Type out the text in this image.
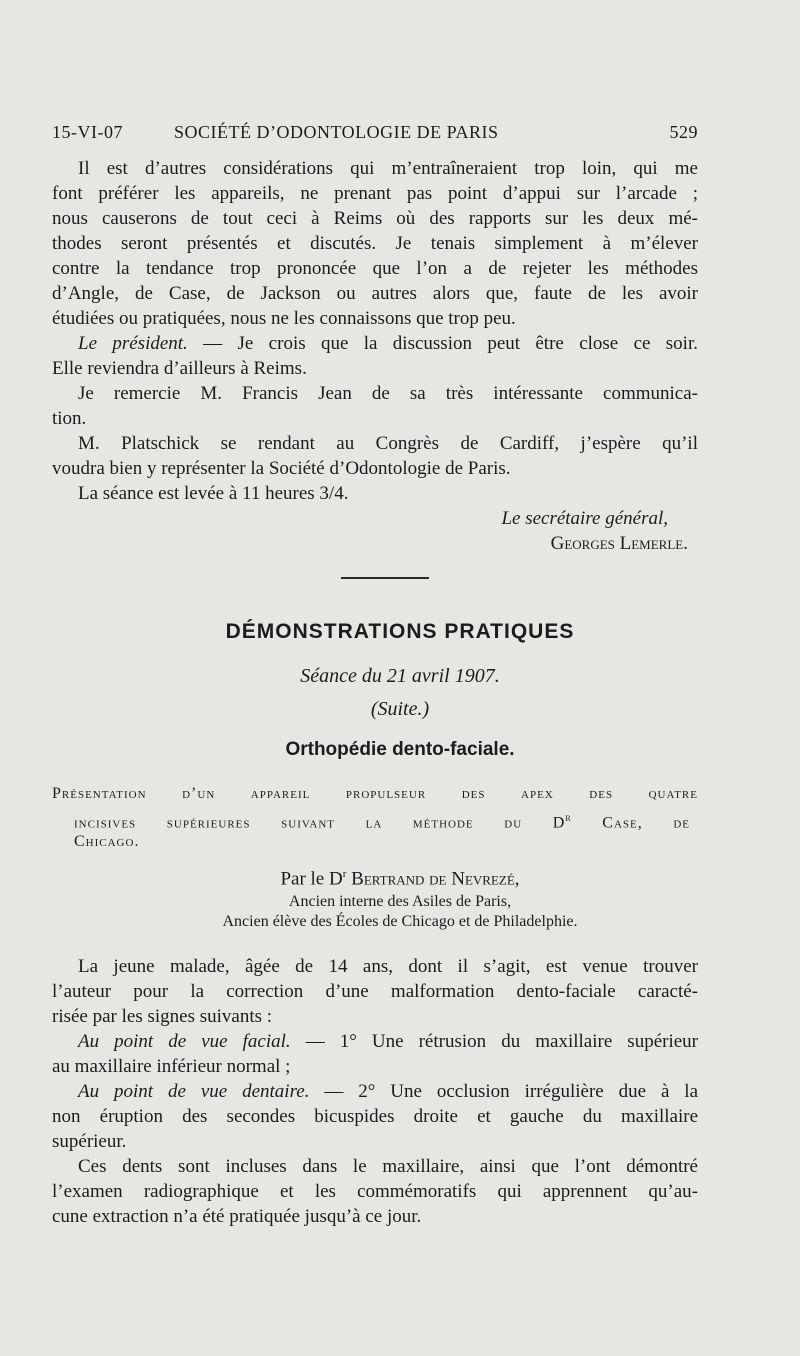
15-VI-07	SOCIÉTÉ D’ODONTOLOGIE DE PARIS	529
Il est d’autres considérations qui m’entraîneraient trop loin, qui me
font préférer les appareils, ne prenant pas point d’appui sur l’arcade ;
nous causerons de tout ceci à Reims où des rapports sur les deux mé-
thodes seront présentés et discutés. Je tenais simplement à m’élever
contre la tendance trop prononcée que l’on a de rejeter les méthodes
d’Angle, de Case, de Jackson ou autres alors que, faute de les avoir
étudiées ou pratiquées, nous ne les connaissons que trop peu.
Le président. — Je crois que la discussion peut être close ce soir.
Elle reviendra d’ailleurs à Reims.
Je remercie M. Francis Jean de sa très intéressante communica-
tion.
M. Platschick se rendant au Congrès de Cardiff, j’espère qu’il
voudra bien y représenter la Société d’Odontologie de Paris.
La séance est levée à 11 heures 3/4.
Le secrétaire général,
Georges Lemerle.
DÉMONSTRATIONS PRATIQUES
Séance du 21 avril 1907.
(Suite.)
Orthopédie dento-faciale.
Présentation d’un appareil propulseur des apex des quatre
incisives supérieures suivant la méthode du $D^r$ Case, de
Chicago.
Par le $D^r$ Bertrand de Nevrezé,
Ancien interne des Asiles de Paris,
Ancien élève des Écoles de Chicago et de Philadelphie.
La jeune malade, âgée de 14 ans, dont il s’agit, est venue trouver
l’auteur pour la correction d’une malformation dento-faciale caracté-
risée par les signes suivants :
Au point de vue facial. — 1° Une rétrusion du maxillaire supérieur
au maxillaire inférieur normal ;
Au point de vue dentaire. — 2° Une occlusion irrégulière due à la
non éruption des secondes bicuspides droite et gauche du maxillaire
supérieur.
Ces dents sont incluses dans le maxillaire, ainsi que l’ont démontré
l’examen radiographique et les commémoratifs qui apprennent qu’au-
cune extraction n’a été pratiquée jusqu’à ce jour.
